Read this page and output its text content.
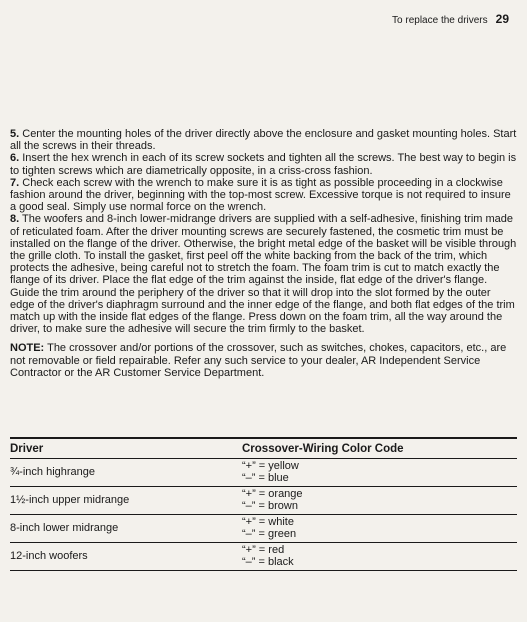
To replace the drivers 29

5. Center the mounting holes of the driver directly above the enclosure and gasket mounting holes. Start all the screws in their threads.

6. Insert the hex wrench in each of its screw sockets and tighten all the screws. The best way to begin is to tighten screws which are diametrically opposite, in a criss-cross fashion.

7. Check each screw with the wrench to make sure it is as tight as possible proceeding in a clockwise fashion around the driver, beginning with the top-most screw. Excessive torque is not required to insure a good seal. Simply use normal force on the wrench.

8. The woofers and 8-inch lower-midrange drivers are supplied with a self-adhesive, finishing trim made of reticulated foam. After the driver mounting screws are securely fastened, the cosmetic trim must be installed on the flange of the driver. Otherwise, the bright metal edge of the basket will be visible through the grille cloth. To install the gasket, first peel off the white backing from the back of the trim, which protects the adhesive, being careful not to stretch the foam. The foam trim is cut to match exactly the flange of its driver. Place the flat edge of the trim against the inside, flat edge of the driver's flange. Guide the trim around the periphery of the driver so that it will drop into the slot formed by the outer edge of the driver's diaphragm surround and the inner edge of the flange, and both flat edges of the trim match up with the inside flat edges of the flange. Press down on the foam trim, all the way around the driver, to make sure the adhesive will secure the trim firmly to the basket.

NOTE: The crossover and/or portions of the crossover, such as switches, chokes, capacitors, etc., are not removable or field repairable. Refer any such service to your dealer, AR Independent Service Contractor or the AR Customer Service Department.

Driver	Crossover-Wiring Color Code
¾-inch highrange	“+” = yellow
“–” = blue

1½-inch upper midrange	“+” = orange
“–” = brown

8-inch lower midrange	“+” = white
“–” = green

12-inch woofers	“+” = red
“–” = black
